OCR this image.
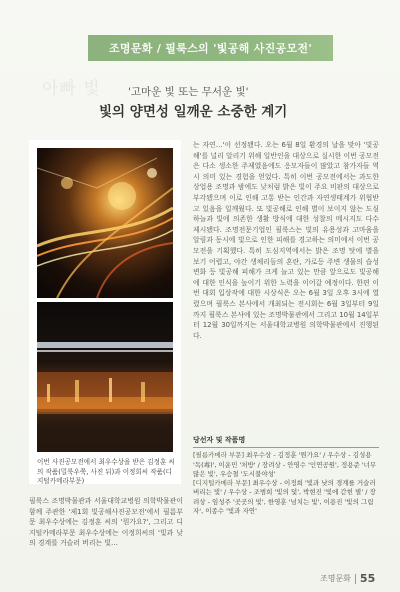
조명문화 / 필룩스의 '빛공해 사진공모전'
아빠 빛	'고마운 빛 또는 무서운 빛'
빛의 양면성 일깨운 소중한 계기
이번 사진공모전에서 최우수상을 받은 김정훈 씨의 작품(밀룩우쭉, 사진 뒤)과 이정희씨 작품(디지털카메라부문)

는 자연…'이 선정됐다. 오는 6월 8일 환경의 날을 맞아 '빛공해'를 널리 알리기 위해 일반인을 대상으로 실시한 이번 공모전은 다소 생소한 주제였음에도 응모자들이 많았고 참가자들 역시 의미 있는 경험을 얻었다. 특히 이번 공모전에서는 과도한 상업용 조명과 밤에도 낮처럼 밝은 빛이 주요 비판의 대상으로 부각됐으며 이로 인해 고통 받는 인간과 자연생태계가 위협받고 있음을 일깨웠다. 또 빛공해로 인해 별이 보이지 않는 도심 하늘과 빛에 의존한 생활 방식에 대한 성찰의 메시지도 다수 제시됐다. 조명전문기업인 필룩스는 빛의 유용성과 고마움을 알림과 동시에 빛으로 인한 피해를 경고하는 의미에서 이번 공모전을 기획했다. 특히 도심지역에서는 밝은 조명 탓에 별을 보기 어렵고, 야간 생체리듬의 혼란, 가로등 주변 생물의 습성 변화 등 빛공해 피해가 크게 늘고 있는 만큼 앞으로도 빛공해에 대한 인식을 높이기 위한 노력을 이어갈 예정이다. 한편 이번 대회 입상작에 대한 시상식은 오는 6월 3일 오후 3시에 열렸으며 필룩스 본사에서 개최되는 전시회는 6월 3일부터 9일까지 필룩스 본사에 있는 조명박물관에서 그리고 10월 14일부터 12월 30일까지는 서울대학교병원 의학박물관에서 진행된다.

필룩스 조명박물관과 서울대학교병원 의학박물관이 함께 주관한 '제1회 빛공해사진공모전'에서 필름부문 최우수상에는 김정훈 씨의 '뭔가요?', 그리고 디지털카메라부문 최우수상에는 이정희씨의 '빛과 낮의 경계를 거슬러 버리는 빛…

당선자 및 작품명
[필름카메라 부문] 최우수상 - 김정훈 '뭔가요' / 우수상 - 김성용 '독(毒)', 이운민 '처방' / 장려상 - 안영수 '인연공원', 정용준 '너무 많은 빛', 우승철 '도시불야성'
[디지털카메라 부문] 최우수상 - 이정희 '빛과 낮의 경계를 거슬러 버리는 빛' / 우수상 - 조범희 '빛의 덫', 박현진 '빛에 갇힌 별' / 장려상 - 임성주 '곳곳의 빛', 한영훈 '넘치는 빛', 이용진 '빛의 그림자', 이종수 '빛과 자연'
조명문화 55
